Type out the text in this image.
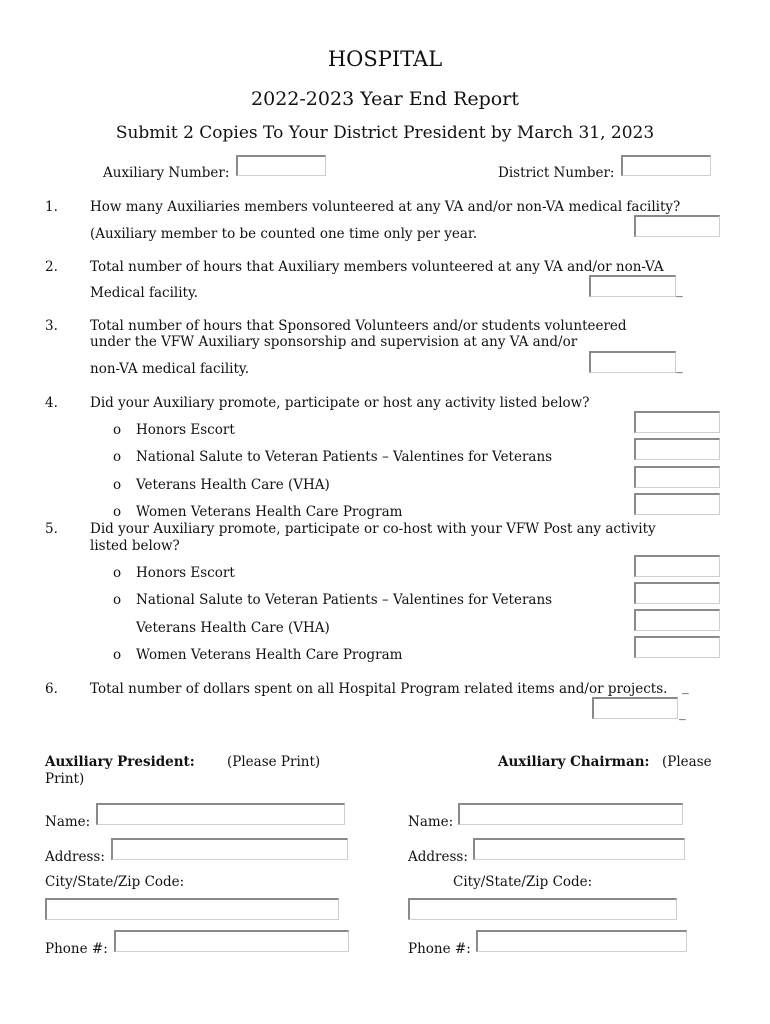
HOSPITAL
2022-2023 Year End Report
Submit 2 Copies To Your District President by March 31, 2023
Auxiliary Number:	District Number:
1. How many Auxiliaries members volunteered at any VA and/or non-VA medical facility?
(Auxiliary member to be counted one time only per year.
2. Total number of hours that Auxiliary members volunteered at any VA and/or non-VA
Medical facility.	_
3. Total number of hours that Sponsored Volunteers and/or students volunteered
under the VFW Auxiliary sponsorship and supervision at any VA and/or
non-VA medical facility.	_
4. Did your Auxiliary promote, participate or host any activity listed below?
o Honors Escort
o National Salute to Veteran Patients – Valentines for Veterans
o Veterans Health Care (VHA)
o Women Veterans Health Care Program
5. Did your Auxiliary promote, participate or co-host with your VFW Post any activity
listed below?
o Honors Escort
o National Salute to Veteran Patients – Valentines for Veterans
Veterans Health Care (VHA)
o Women Veterans Health Care Program
6. Total number of dollars spent on all Hospital Program related items and/or projects. _
_
Auxiliary President: (Please Print)	Auxiliary Chairman: (Please
Print)
Name:
Address:
City/State/Zip Code:
Phone #:
Name:
Address:
City/State/Zip Code:
Phone #:
